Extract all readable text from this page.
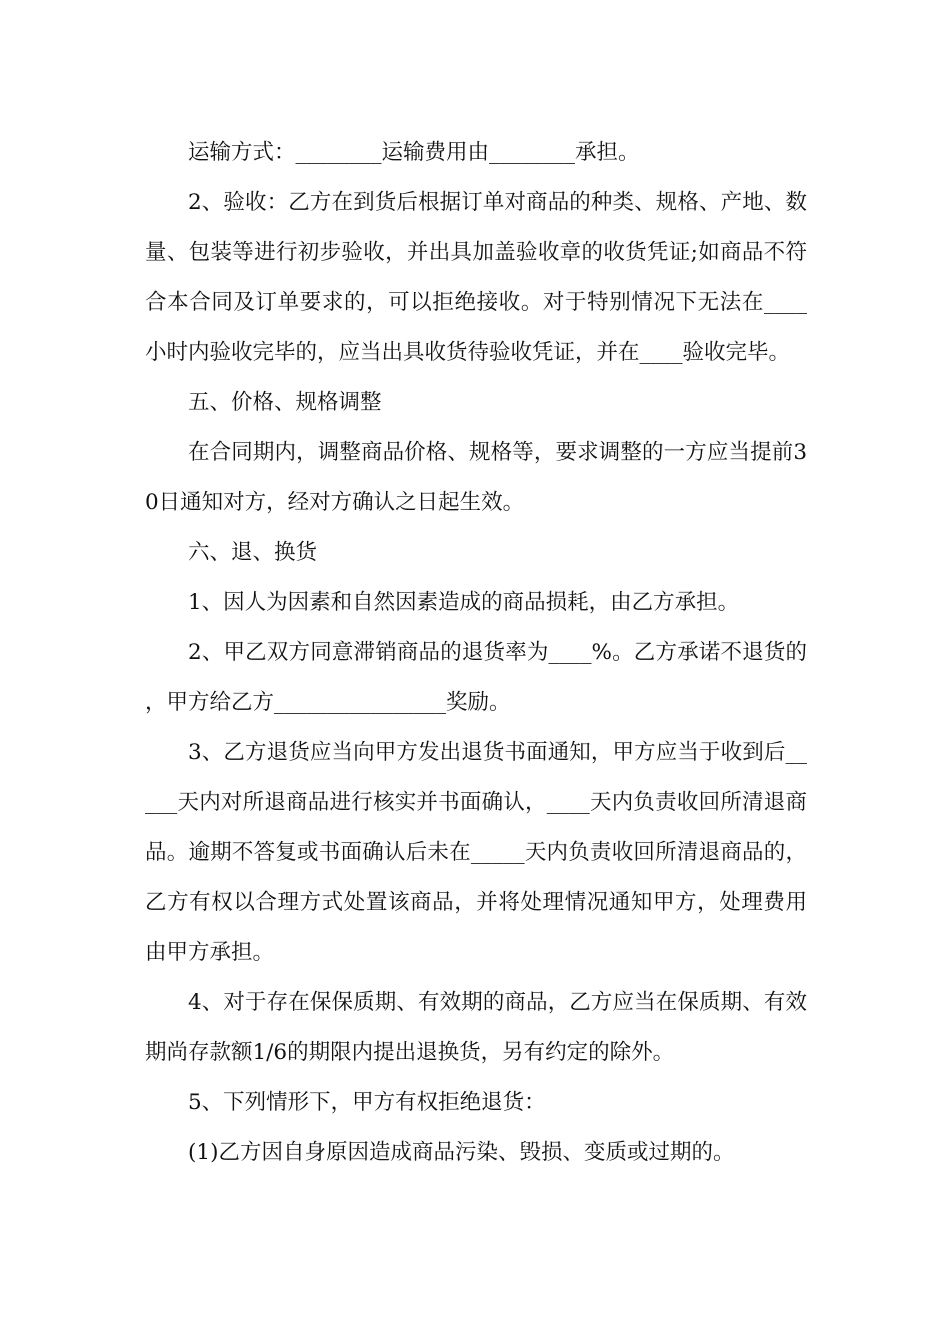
运输方式：________运输费用由________承担。

2、验收：乙方在到货后根据订单对商品的种类、规格、产地、数量、包装等进行初步验收，并出具加盖验收章的收货凭证;如商品不符合本合同及订单要求的，可以拒绝接收。对于特别情况下无法在____小时内验收完毕的，应当出具收货待验收凭证，并在____验收完毕。

五、价格、规格调整

在合同期内，调整商品价格、规格等，要求调整的一方应当提前30日通知对方，经对方确认之日起生效。

六、退、换货

1、因人为因素和自然因素造成的商品损耗，由乙方承担。

2、甲乙双方同意滞销商品的退货率为____%。乙方承诺不退货的，甲方给乙方________________奖励。

3、乙方退货应当向甲方发出退货书面通知，甲方应当于收到后_____天内对所退商品进行核实并书面确认，____天内负责收回所清退商品。逾期不答复或书面确认后未在_____天内负责收回所清退商品的，乙方有权以合理方式处置该商品，并将处理情况通知甲方，处理费用由甲方承担。

4、对于存在保保质期、有效期的商品，乙方应当在保质期、有效期尚存款额1/6的期限内提出退换货，另有约定的除外。

5、下列情形下，甲方有权拒绝退货：

(1)乙方因自身原因造成商品污染、毁损、变质或过期的。
